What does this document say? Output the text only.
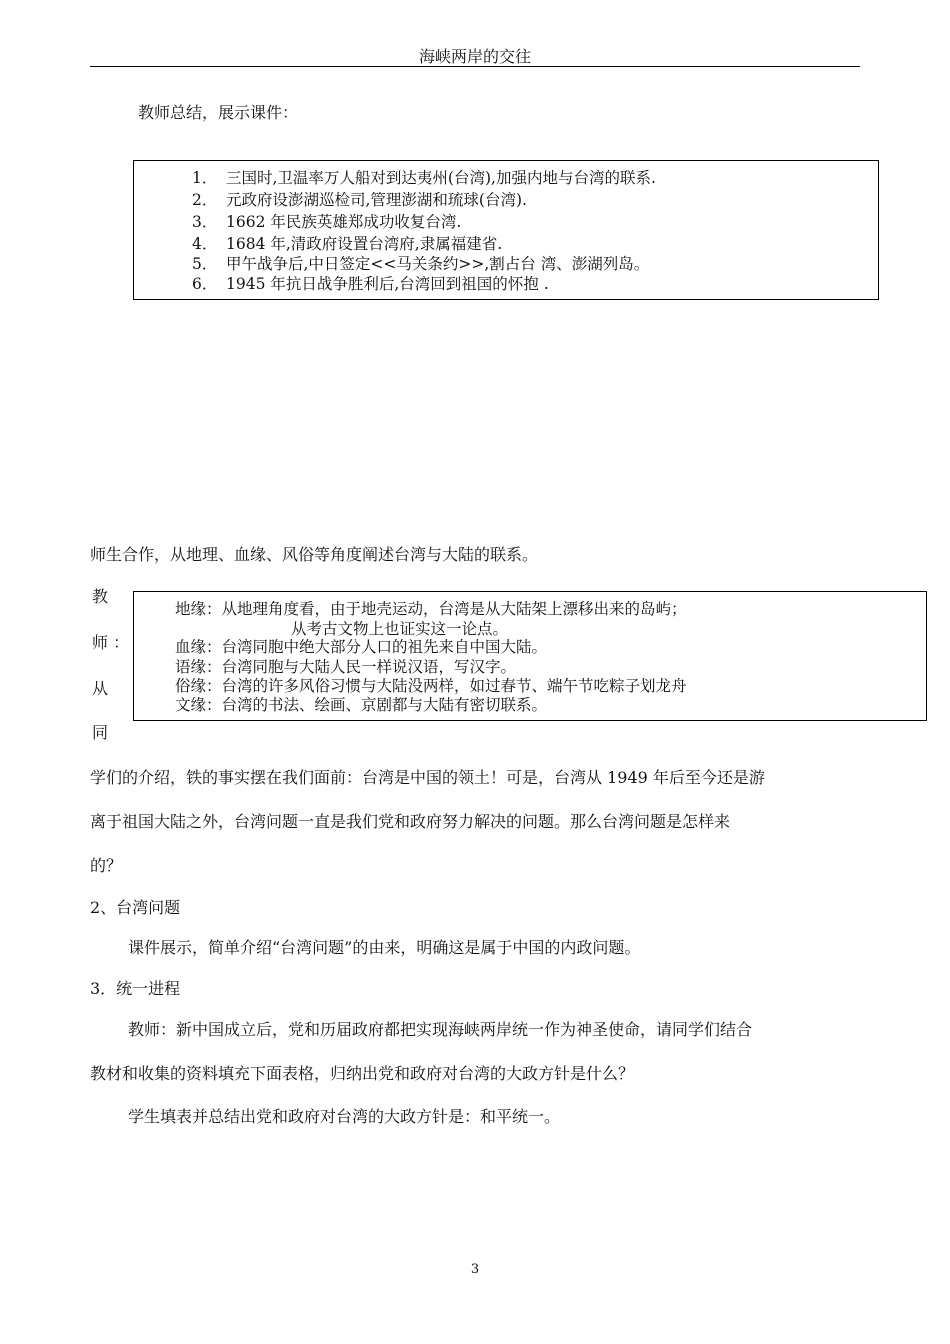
海峡两岸的交往
教师总结，展示课件：
1． 三国时,卫温率万人船对到达夷州(台湾),加强内地与台湾的联系.
2． 元政府设澎湖巡检司,管理澎湖和琉球(台湾).
3． 1662 年民族英雄郑成功收复台湾.
4． 1684 年,清政府设置台湾府,隶属福建省.
5． 甲午战争后,中日签定<<马关条约>>,割占台 湾、澎湖列岛。
6． 1945 年抗日战争胜利后,台湾回到祖国的怀抱 .
师生合作，从地理、血缘、风俗等角度阐述台湾与大陆的联系。
教
师 ：
从
同
地缘：从地理角度看，由于地壳运动，台湾是从大陆架上漂移出来的岛屿；
从考古文物上也证实这一论点。
血缘：台湾同胞中绝大部分人口的祖先来自中国大陆。
语缘：台湾同胞与大陆人民一样说汉语，写汉字。
俗缘：台湾的许多风俗习惯与大陆没两样，如过春节、端午节吃粽子划龙舟
文缘：台湾的书法、绘画、京剧都与大陆有密切联系。
学们的介绍，铁的事实摆在我们面前：台湾是中国的领土！可是，台湾从 1949 年后至今还是游
离于祖国大陆之外，台湾问题一直是我们党和政府努力解决的问题。那么台湾问题是怎样来
的？
2、台湾问题
课件展示，简单介绍“台湾问题”的由来，明确这是属于中国的内政问题。
3．统一进程
教师：新中国成立后，党和历届政府都把实现海峡两岸统一作为神圣使命，请同学们结合
教材和收集的资料填充下面表格，归纳出党和政府对台湾的大政方针是什么？
学生填表并总结出党和政府对台湾的大政方针是：和平统一。
3
